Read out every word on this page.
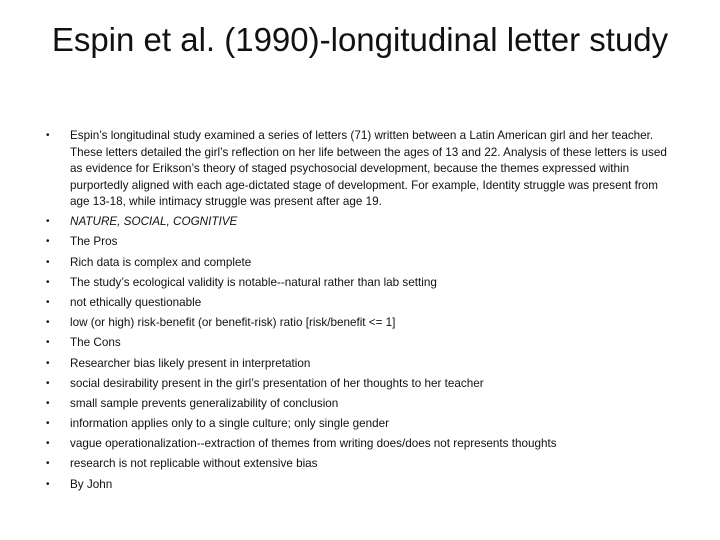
Espin et al. (1990)-longitudinal letter study
• Espin’s longitudinal study examined a series of letters (71) written between a Latin American girl and her teacher. These letters detailed the girl’s reflection on her life between the ages of 13 and 22. Analysis of these letters is used as evidence for Erikson’s theory of staged psychosocial development, because the themes expressed within purportedly aligned with each age-dictated stage of development. For example, Identity struggle was present from age 13-18, while intimacy struggle was present after age 19.
• NATURE, SOCIAL, COGNITIVE
• The Pros
• Rich data is complex and complete
• The study’s ecological validity is notable--natural rather than lab setting
• not ethically questionable
• low (or high) risk-benefit (or benefit-risk) ratio [risk/benefit <= 1]
• The Cons
• Researcher bias likely present in interpretation
• social desirability present in the girl’s presentation of her thoughts to her teacher
• small sample prevents generalizability of conclusion
• information applies only to a single culture; only single gender
• vague operationalization--extraction of themes from writing does/does not represents thoughts
• research is not replicable without extensive bias
• By John
